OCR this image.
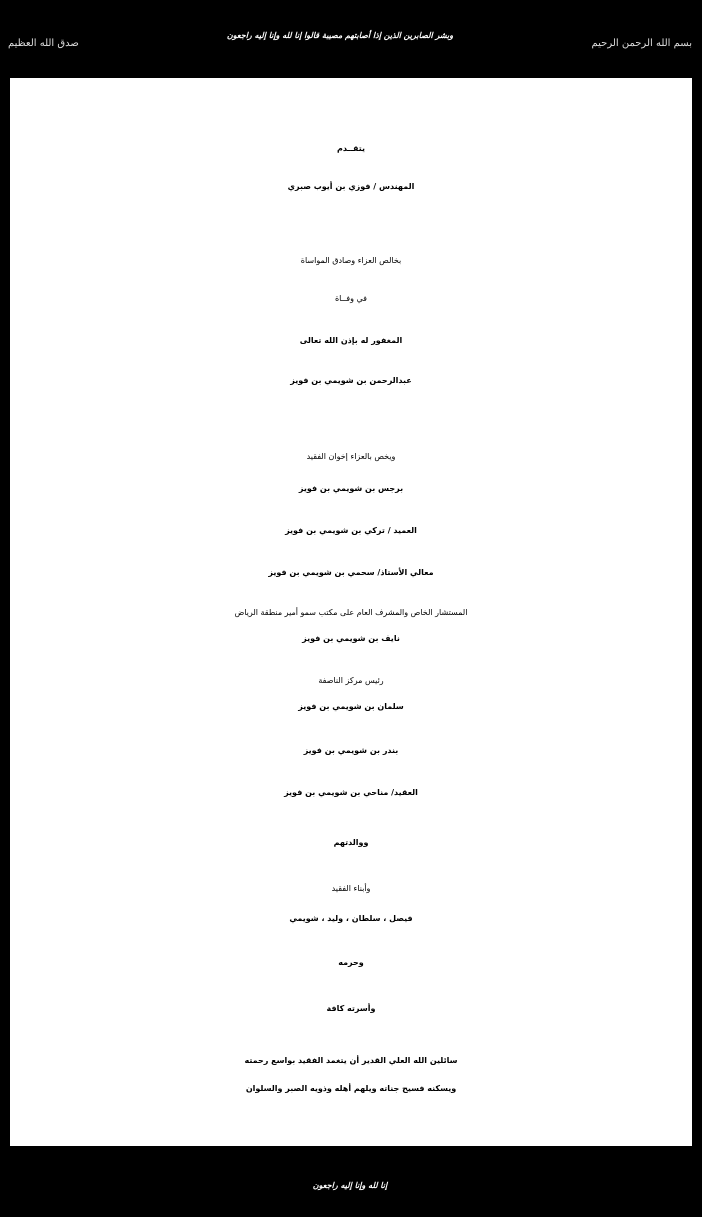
بسم الله الرحمن الرحيم
وبشر الصابرين الذين إذا أصابتهم مصيبة قالوا إنا لله وإنا إليه راجعون
صدق الله العظيم
يتقــدم
المهندس / فوزي بن أيوب صبري
بخالص العزاء وصادق المواساة
في وفــاة
المغفور له بإذن الله تعالى
عبدالرحمن بن شويمي بن فويز
ويخص بالعزاء إخوان الفقيد
برجس بن شويمي بن فويز
العميد / تركي بن شويمي بن فويز
معالي الأستاذ/ سحمي بن شويمي بن فويز
المستشار الخاص والمشرف العام على مكتب سمو أمير منطقة الرياض
نايف بن شويمي بن فويز
رئيس مركز الناصفة
سلمان بن شويمي بن فويز
بندر بن شويمي بن فويز
العقيد/ مناحي بن شويمي بن فويز
ووالدتهم
وأبناء الفقيد
فيصل ، سلطان ، وليد ، شويمي
وحرمه
وأسرته كافة
سائلين الله العلي القدير أن يتغمد الفقيد بواسع رحمته
ويسكنه فسيح جناته ويلهم أهله وذويه الصبر والسلوان
إنا لله وإنا إليه راجعون
